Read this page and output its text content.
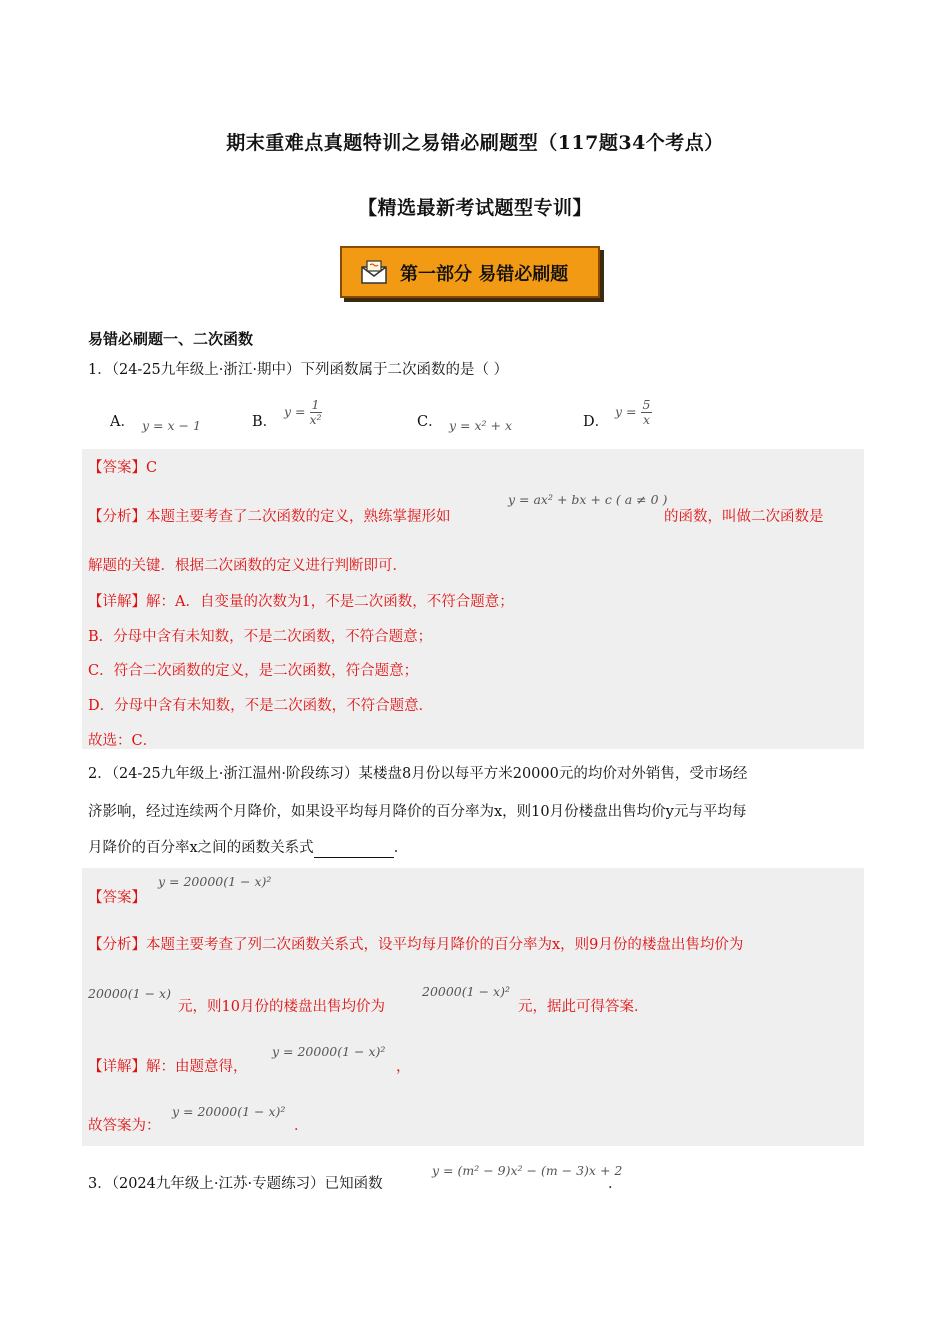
期末重难点真题特训之易错必刷题型（117题34个考点）
【精选最新考试题型专训】
第一部分 易错必刷题
易错必刷题一、二次函数
1．（24-25九年级上·浙江·期中）下列函数属于二次函数的是（ ）
A． y = x − 1	B．
$y = \frac{1}{\text{x²}}$	C． y = x² + x	D．
$y = \frac{5}{x}$
【答案】C
【分析】本题主要考查了二次函数的定义，熟练掌握形如
y = ax² + bx + c ( a ≠ 0 )
的函数，叫做二次函数是
解题的关键．根据二次函数的定义进行判断即可．
【详解】解：A．自变量的次数为1，不是二次函数，不符合题意；
B．分母中含有未知数，不是二次函数，不符合题意；
C．符合二次函数的定义，是二次函数，符合题意；
D．分母中含有未知数，不是二次函数，不符合题意．
故选：C．
2．（24-25九年级上·浙江温州·阶段练习）某楼盘8月份以每平方米20000元的均价对外销售，受市场经
济影响，经过连续两个月降价，如果设平均每月降价的百分率为x，则10月份楼盘出售均价y元与平均每
月降价的百分率x之间的函数关系式	．
【答案】
y = 20000(1 − x)²
【分析】本题主要考查了列二次函数关系式，设平均每月降价的百分率为x，则9月份的楼盘出售均价为
20000(1 − x)
元，则10月份的楼盘出售均价为
20000(1 − x)²
元，据此可得答案．
【详解】解：由题意得，
y = 20000(1 − x)²
，
故答案为：
y = 20000(1 − x)²
．
3．（2024九年级上·江苏·专题练习）已知函数
y = (m² − 9)x² − (m − 3)x + 2
．
